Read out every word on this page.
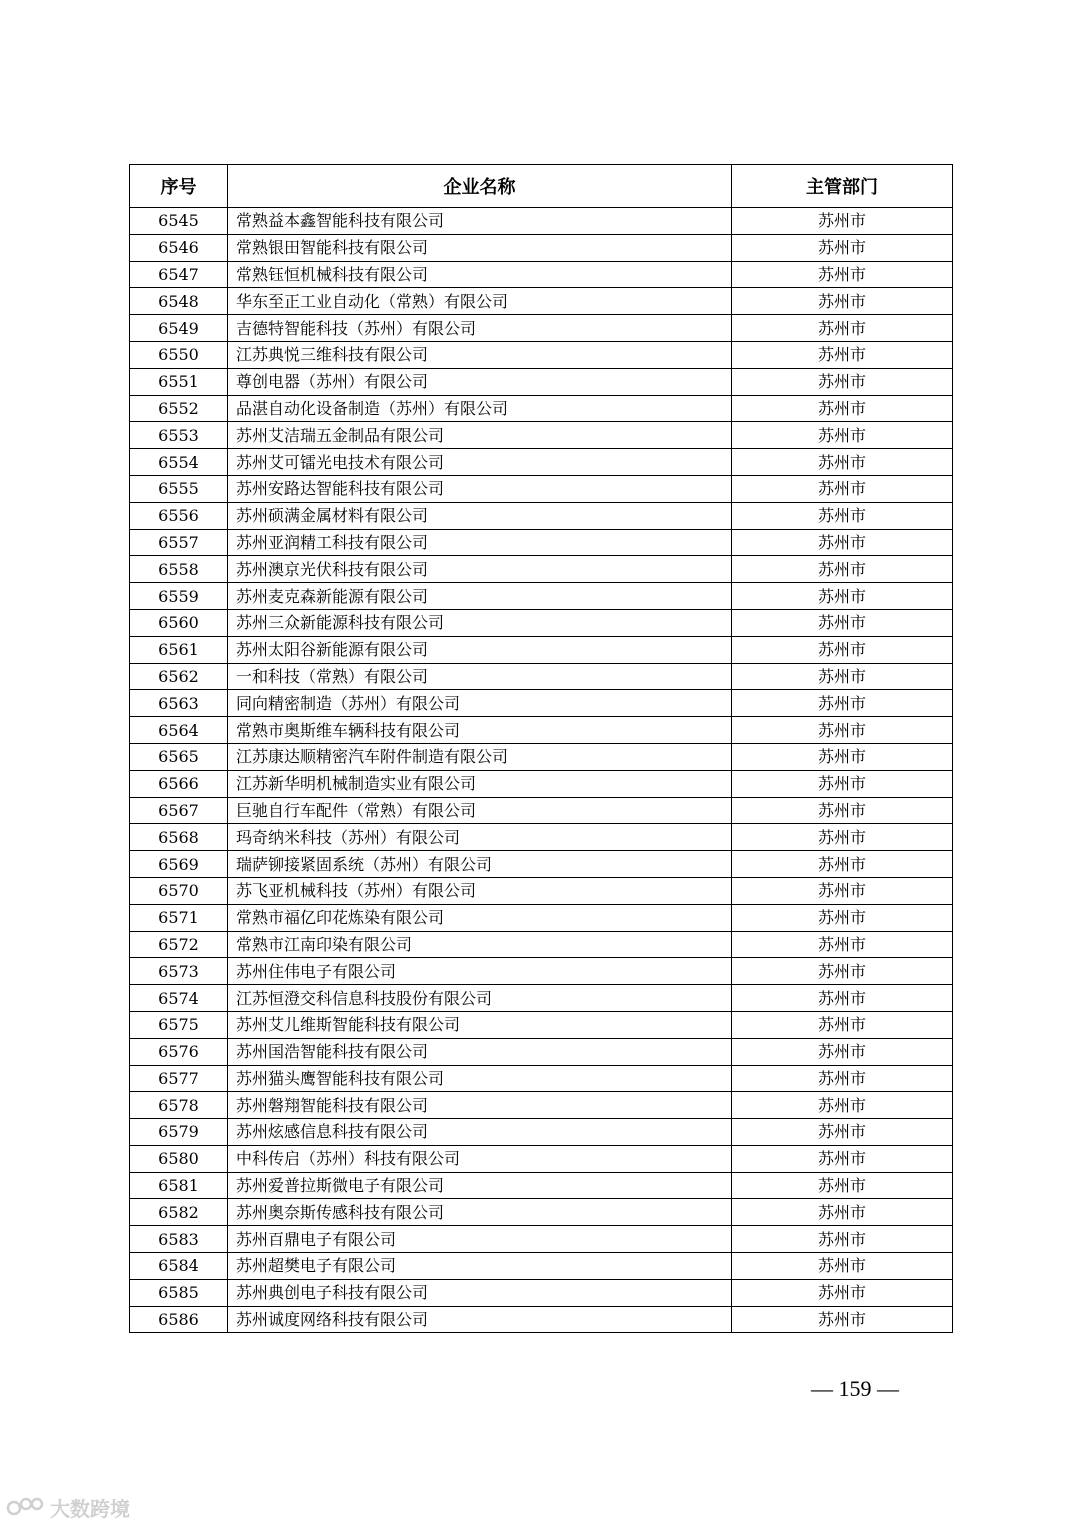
序号	企业名称	主管部门
6545	常熟益本鑫智能科技有限公司	苏州市
6546	常熟银田智能科技有限公司	苏州市
6547	常熟钰恒机械科技有限公司	苏州市
6548	华东至正工业自动化（常熟）有限公司	苏州市
6549	吉德特智能科技（苏州）有限公司	苏州市
6550	江苏典悦三维科技有限公司	苏州市
6551	尊创电器（苏州）有限公司	苏州市
6552	品湛自动化设备制造（苏州）有限公司	苏州市
6553	苏州艾洁瑞五金制品有限公司	苏州市
6554	苏州艾可镭光电技术有限公司	苏州市
6555	苏州安路达智能科技有限公司	苏州市
6556	苏州硕满金属材料有限公司	苏州市
6557	苏州亚润精工科技有限公司	苏州市
6558	苏州澳京光伏科技有限公司	苏州市
6559	苏州麦克森新能源有限公司	苏州市
6560	苏州三众新能源科技有限公司	苏州市
6561	苏州太阳谷新能源有限公司	苏州市
6562	一和科技（常熟）有限公司	苏州市
6563	同向精密制造（苏州）有限公司	苏州市
6564	常熟市奥斯维车辆科技有限公司	苏州市
6565	江苏康达顺精密汽车附件制造有限公司	苏州市
6566	江苏新华明机械制造实业有限公司	苏州市
6567	巨驰自行车配件（常熟）有限公司	苏州市
6568	玛奇纳米科技（苏州）有限公司	苏州市
6569	瑞萨铆接紧固系统（苏州）有限公司	苏州市
6570	苏飞亚机械科技（苏州）有限公司	苏州市
6571	常熟市福亿印花炼染有限公司	苏州市
6572	常熟市江南印染有限公司	苏州市
6573	苏州住伟电子有限公司	苏州市
6574	江苏恒澄交科信息科技股份有限公司	苏州市
6575	苏州艾儿维斯智能科技有限公司	苏州市
6576	苏州国浩智能科技有限公司	苏州市
6577	苏州猫头鹰智能科技有限公司	苏州市
6578	苏州磐翔智能科技有限公司	苏州市
6579	苏州炫感信息科技有限公司	苏州市
6580	中科传启（苏州）科技有限公司	苏州市
6581	苏州爱普拉斯微电子有限公司	苏州市
6582	苏州奥奈斯传感科技有限公司	苏州市
6583	苏州百鼎电子有限公司	苏州市
6584	苏州超樊电子有限公司	苏州市
6585	苏州典创电子科技有限公司	苏州市
6586	苏州诚度网络科技有限公司	苏州市
— 159 —
大数跨境
